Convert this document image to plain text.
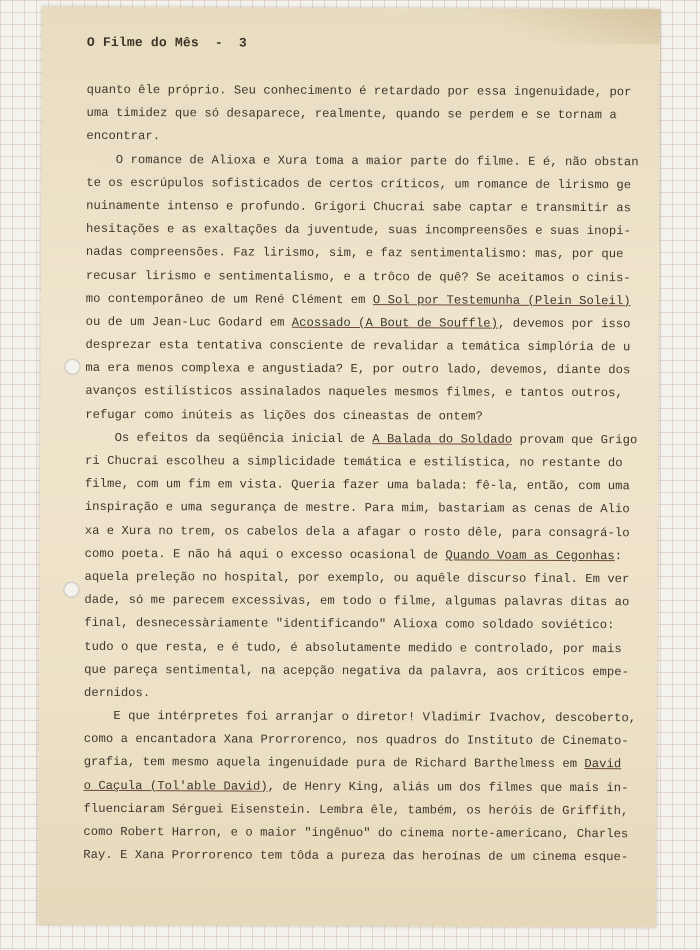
O Filme do Mês  -  3
quanto êle próprio. Seu conhecimento é retardado por essa ingenuidade, por
uma timidez que só desaparece, realmente, quando se perdem e se tornam a
encontrar.
O romance de Alioxa e Xura toma a maior parte do filme. E é, não obstan
te os escrúpulos sofisticados de certos críticos, um romance de lirismo ge
nuinamente intenso e profundo. Grigori Chucrai sabe captar e transmitir as
hesitações e as exaltações da juventude, suas incompreensões e suas inopi-
nadas compreensões. Faz lirismo, sim, e faz sentimentalismo: mas, por que
recusar lirismo e sentimentalismo, e a trôco de quê? Se aceitamos o cinis-
mo contemporâneo de um René Clément em O Sol por Testemunha (Plein Soleil)
ou de um Jean-Luc Godard em Acossado (A Bout de Souffle), devemos por isso
desprezar esta tentativa consciente de revalidar a temática simplória de u
ma era menos complexa e angustiada? E, por outro lado, devemos, diante dos
avanços estilísticos assinalados naqueles mesmos filmes, e tantos outros,
refugar como inúteis as lições dos cineastas de ontem?
Os efeitos da seqüência inicial de A Balada do Soldado provam que Grigo
ri Chucrai escolheu a simplicidade temática e estilística, no restante do
filme, com um fim em vista. Queria fazer uma balada: fê-la, então, com uma
inspiração e uma segurança de mestre. Para mim, bastariam as cenas de Alio
xa e Xura no trem, os cabelos dela a afagar o rosto dêle, para consagrá-lo
como poeta. E não há aqui o excesso ocasional de Quando Voam as Cegonhas:
aquela preleção no hospital, por exemplo, ou aquêle discurso final. Em ver
dade, só me parecem excessivas, em todo o filme, algumas palavras ditas ao
final, desnecessàriamente "identificando" Alioxa como soldado soviético:
tudo o que resta, e é tudo, é absolutamente medido e controlado, por mais
que pareça sentimental, na acepção negativa da palavra, aos críticos empe-
dernidos.
E que intérpretes foi arranjar o diretor! Vladimir Ivachov, descoberto,
como a encantadora Xana Prorrorenco, nos quadros do Instituto de Cinemato-
grafia, tem mesmo aquela ingenuidade pura de Richard Barthelmess em David
o Caçula (Tol'able David), de Henry King, aliás um dos filmes que mais in-
fluenciaram Sérguei Eisenstein. Lembra êle, também, os heróis de Griffith,
como Robert Harron, e o maior "ingênuo" do cinema norte-americano, Charles
Ray. E Xana Prorrorenco tem tôda a pureza das heroínas de um cinema esque-
